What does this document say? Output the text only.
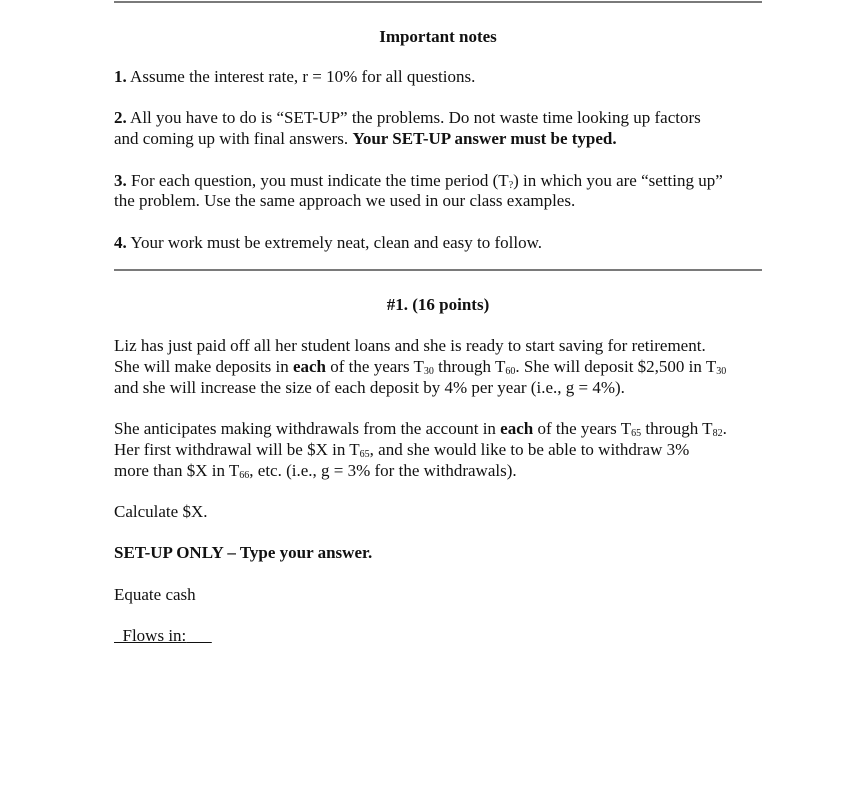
Important notes
1. Assume the interest rate, r = 10% for all questions.
2. All you have to do is “SET-UP” the problems. Do not waste time looking up factors
and coming up with final answers. Your SET-UP answer must be typed.
3. For each question, you must indicate the time period $(T_?)$ in which you are “setting up”
the problem. Use the same approach we used in our class examples.
4. Your work must be extremely neat, clean and easy to follow.
#1. (16 points)
Liz has just paid off all her student loans and she is ready to start saving for retirement.
She will make deposits in each of the years $T_{30}$ through $T_{60}$. She will deposit $2,500 in $T_{30}$
and she will increase the size of each deposit by 4% per year (i.e., g = 4%).
She anticipates making withdrawals from the account in each of the years $T_{65}$ through $T_{82}$.
Her first withdrawal will be $X in $T_{65}$, and she would like to be able to withdraw 3%
more than $X in $T_{66}$, etc. (i.e., g = 3% for the withdrawals).
Calculate $X.
SET-UP ONLY – Type your answer.
Equate cash

Flows in:
